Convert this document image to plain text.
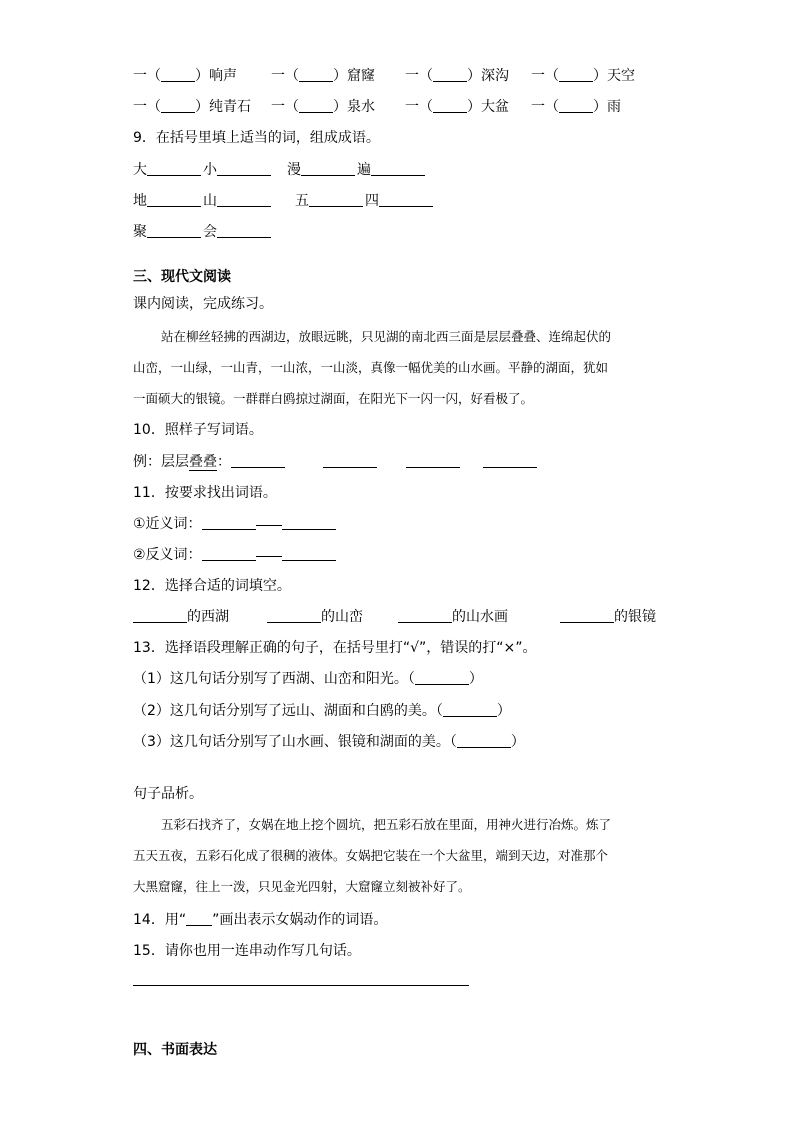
一（ ）响声 一（ ）窟窿 一（ ）深沟 一（ ）天空
一（ ）纯青石 一（ ）泉水 一（ ）大盆 一（ ）雨
9．在括号里填上适当的词，组成成语。
大	小	漫	遍
地	山	五	四
聚	会
三、现代文阅读
课内阅读，完成练习。
站在柳丝轻拂的西湖边，放眼远眺，只见湖的南北西三面是层层叠叠、连绵起伏的
山峦，一山绿，一山青，一山浓，一山淡，真像一幅优美的山水画。平静的湖面，犹如
一面硕大的银镜。一群群白鸥掠过湖面，在阳光下一闪一闪，好看极了。
10．照样子写词语。
例：层层叠叠：
11．按要求找出词语。
①近义词：
②反义词：
12．选择合适的词填空。
的西湖	的山峦	的山水画	的银镜
13．选择语段理解正确的句子，在括号里打“√”，错误的打“×”。
（1）这几句话分别写了西湖、山峦和阳光。（	）
（2）这几句话分别写了远山、湖面和白鸥的美。（	）
（3）这几句话分别写了山水画、银镜和湖面的美。（	）
句子品析。
五彩石找齐了，女娲在地上挖个圆坑，把五彩石放在里面，用神火进行冶炼。炼了
五天五夜，五彩石化成了很稠的液体。女娲把它装在一个大盆里，端到天边，对准那个
大黑窟窿，往上一泼，只见金光四射，大窟窿立刻被补好了。
14．用“ ”画出表示女娲动作的词语。
15．请你也用一连串动作写几句话。
四、书面表达
